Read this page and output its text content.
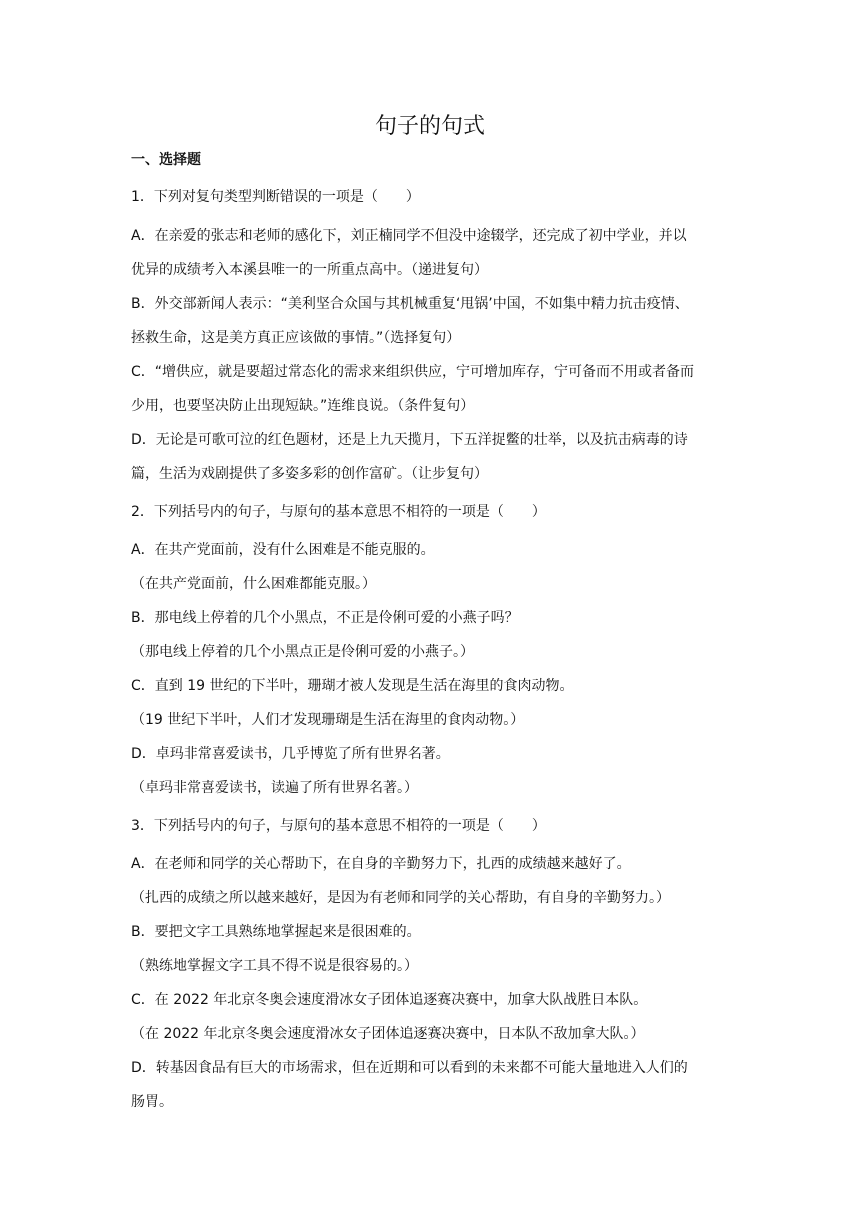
句子的句式
一、选择题
1．下列对复句类型判断错误的一项是（　　）
A．在亲爱的张志和老师的感化下，刘正楠同学不但没中途辍学，还完成了初中学业，并以
优异的成绩考入本溪县唯一的一所重点高中。（递进复句）
B．外交部新闻人表示：“美利坚合众国与其机械重复‘甩锅’中国，不如集中精力抗击疫情、
拯救生命，这是美方真正应该做的事情。”（选择复句）
C．“增供应，就是要超过常态化的需求来组织供应，宁可增加库存，宁可备而不用或者备而
少用，也要坚决防止出现短缺。”连维良说。（条件复句）
D．无论是可歌可泣的红色题材，还是上九天揽月，下五洋捉鳖的壮举，以及抗击病毒的诗
篇，生活为戏剧提供了多姿多彩的创作富矿。（让步复句）
2．下列括号内的句子，与原句的基本意思不相符的一项是（　　）
A．在共产党面前，没有什么困难是不能克服的。
（在共产党面前，什么困难都能克服。）
B．那电线上停着的几个小黑点，不正是伶俐可爱的小燕子吗？
（那电线上停着的几个小黑点正是伶俐可爱的小燕子。）
C．直到 19 世纪的下半叶，珊瑚才被人发现是生活在海里的食肉动物。
（19 世纪下半叶，人们才发现珊瑚是生活在海里的食肉动物。）
D．卓玛非常喜爱读书，几乎博览了所有世界名著。
（卓玛非常喜爱读书，读遍了所有世界名著。）
3．下列括号内的句子，与原句的基本意思不相符的一项是（　　）
A．在老师和同学的关心帮助下，在自身的辛勤努力下，扎西的成绩越来越好了。
（扎西的成绩之所以越来越好，是因为有老师和同学的关心帮助，有自身的辛勤努力。）
B．要把文字工具熟练地掌握起来是很困难的。
（熟练地掌握文字工具不得不说是很容易的。）
C．在 2022 年北京冬奥会速度滑冰女子团体追逐赛决赛中，加拿大队战胜日本队。
（在 2022 年北京冬奥会速度滑冰女子团体追逐赛决赛中，日本队不敌加拿大队。）
D．转基因食品有巨大的市场需求，但在近期和可以看到的未来都不可能大量地进入人们的
肠胃。
